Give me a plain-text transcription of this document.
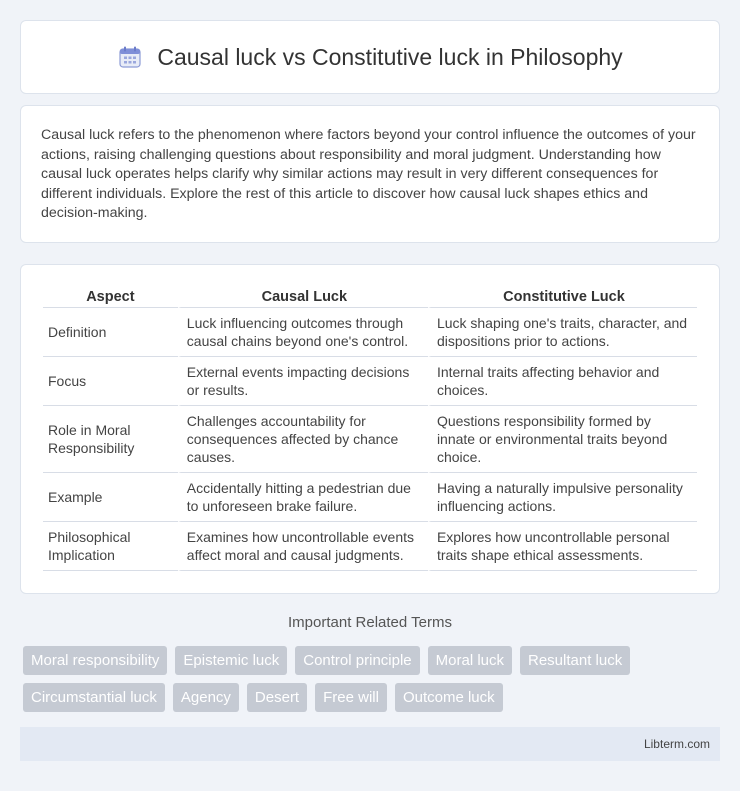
Causal luck vs Constitutive luck in Philosophy

Causal luck refers to the phenomenon where factors beyond your control influence the outcomes of your actions, raising challenging questions about responsibility and moral judgment. Understanding how causal luck operates helps clarify why similar actions may result in very different consequences for different individuals. Explore the rest of this article to discover how causal luck shapes ethics and decision-making.

Aspect	Causal Luck	Constitutive Luck
Definition	Luck influencing outcomes through causal chains beyond one's control.	Luck shaping one's traits, character, and dispositions prior to actions.
Focus	External events impacting decisions or results.	Internal traits affecting behavior and choices.
Role in Moral Responsibility	Challenges accountability for consequences affected by chance causes.	Questions responsibility formed by innate or environmental traits beyond choice.
Example	Accidentally hitting a pedestrian due to unforeseen brake failure.	Having a naturally impulsive personality influencing actions.
Philosophical Implication	Examines how uncontrollable events affect moral and causal judgments.	Explores how uncontrollable personal traits shape ethical assessments.
Important Related Terms
Moral responsibility	Epistemic luck	Control principle	Moral luck	Resultant luck
Circumstantial luck	Agency	Desert	Free will	Outcome luck
Libterm.com
